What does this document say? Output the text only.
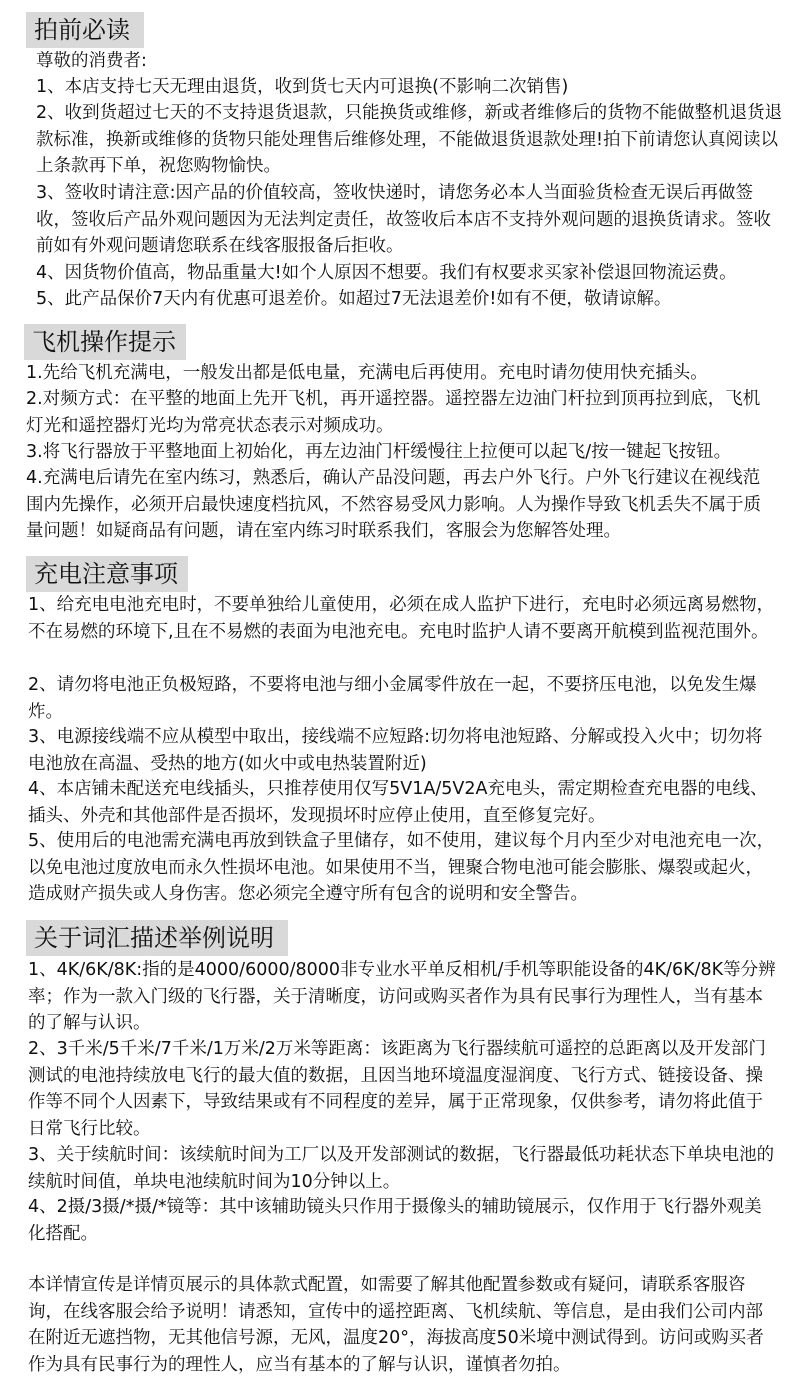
拍前必读

尊敬的消费者:

1、本店支持七天无理由退货，收到货七天内可退换(不影响二次销售)

2、收到货超过七天的不支持退货退款，只能换货或维修，新或者维修后的货物不能做整机退货退款标准，换新或维修的货物只能处理售后维修处理，不能做退货退款处理!拍下前请您认真阅读以上条款再下单，祝您购物愉快。

3、签收时请注意:因产品的价值较高，签收快递时，请您务必本人当面验货检查无误后再做签收，签收后产品外观问题因为无法判定责任，故签收后本店不支持外观问题的退换货请求。签收前如有外观问题请您联系在线客服报备后拒收。

4、因货物价值高，物品重量大!如个人原因不想要。我们有权要求买家补偿退回物流运费。

5、此产品保价7天内有优惠可退差价。如超过7无法退差价!如有不便，敬请谅解。

飞机操作提示

1.先给飞机充满电，一般发出都是低电量，充满电后再使用。充电时请勿使用快充插头。

2.对频方式：在平整的地面上先开飞机，再开遥控器。遥控器左边油门杆拉到顶再拉到底，飞机灯光和遥控器灯光均为常亮状态表示对频成功。

3.将飞行器放于平整地面上初始化，再左边油门杆缓慢往上拉便可以起飞/按一键起飞按钮。

4.充满电后请先在室内练习，熟悉后，确认产品没问题，再去户外飞行。户外飞行建议在视线范围内先操作，必须开启最快速度档抗风，不然容易受风力影响。人为操作导致飞机丢失不属于质量问题！如疑商品有问题，请在室内练习时联系我们，客服会为您解答处理。

充电注意事项

1、给充电电池充电时，不要单独给儿童使用，必须在成人监护下进行，充电时必须远离易燃物，不在易燃的环境下,且在不易燃的表面为电池充电。充电时监护人请不要离开航模到监视范围外。

2、请勿将电池正负极短路，不要将电池与细小金属零件放在一起，不要挤压电池，以免发生爆炸。

3、电源接线端不应从模型中取出，接线端不应短路:切勿将电池短路、分解或投入火中；切勿将电池放在高温、受热的地方(如火中或电热装置附近)

4、本店铺未配送充电线插头，只推荐使用仅写5V1A/5V2A充电头，需定期检查充电器的电线、插头、外壳和其他部件是否损坏，发现损坏时应停止使用，直至修复完好。

5、使用后的电池需充满电再放到铁盒子里储存，如不使用，建议每个月内至少对电池充电一次，以免电池过度放电而永久性损坏电池。如果使用不当，锂聚合物电池可能会膨胀、爆裂或起火，造成财产损失或人身伤害。您必须完全遵守所有包含的说明和安全警告。

关于词汇描述举例说明

1、4K/6K/8K:指的是4000/6000/8000非专业水平单反相机/手机等职能设备的4K/6K/8K等分辨率；作为一款入门级的飞行器，关于清晰度，访问或购买者作为具有民事行为理性人，当有基本的了解与认识。

2、3千米/5千米/7千米/1万米/2万米等距离：该距离为飞行器续航可遥控的总距离以及开发部门测试的电池持续放电飞行的最大值的数据，且因当地环境温度湿润度、飞行方式、链接设备、操作等不同个人因素下，导致结果或有不同程度的差异，属于正常现象，仅供参考，请勿将此值于日常飞行比较。

3、关于续航时间：该续航时间为工厂以及开发部测试的数据，飞行器最低功耗状态下单块电池的续航时间值，单块电池续航时间为10分钟以上。

4、2摄/3摄/*摄/*镜等：其中该辅助镜头只作用于摄像头的辅助镜展示，仅作用于飞行器外观美化搭配。

本详情宣传是详情页展示的具体款式配置，如需要了解其他配置参数或有疑问，请联系客服咨询，在线客服会给予说明！请悉知，宣传中的遥控距离、飞机续航、等信息，是由我们公司内部在附近无遮挡物，无其他信号源，无风，温度20°，海拔高度50米境中测试得到。访问或购买者作为具有民事行为的理性人，应当有基本的了解与认识，谨慎者勿拍。
